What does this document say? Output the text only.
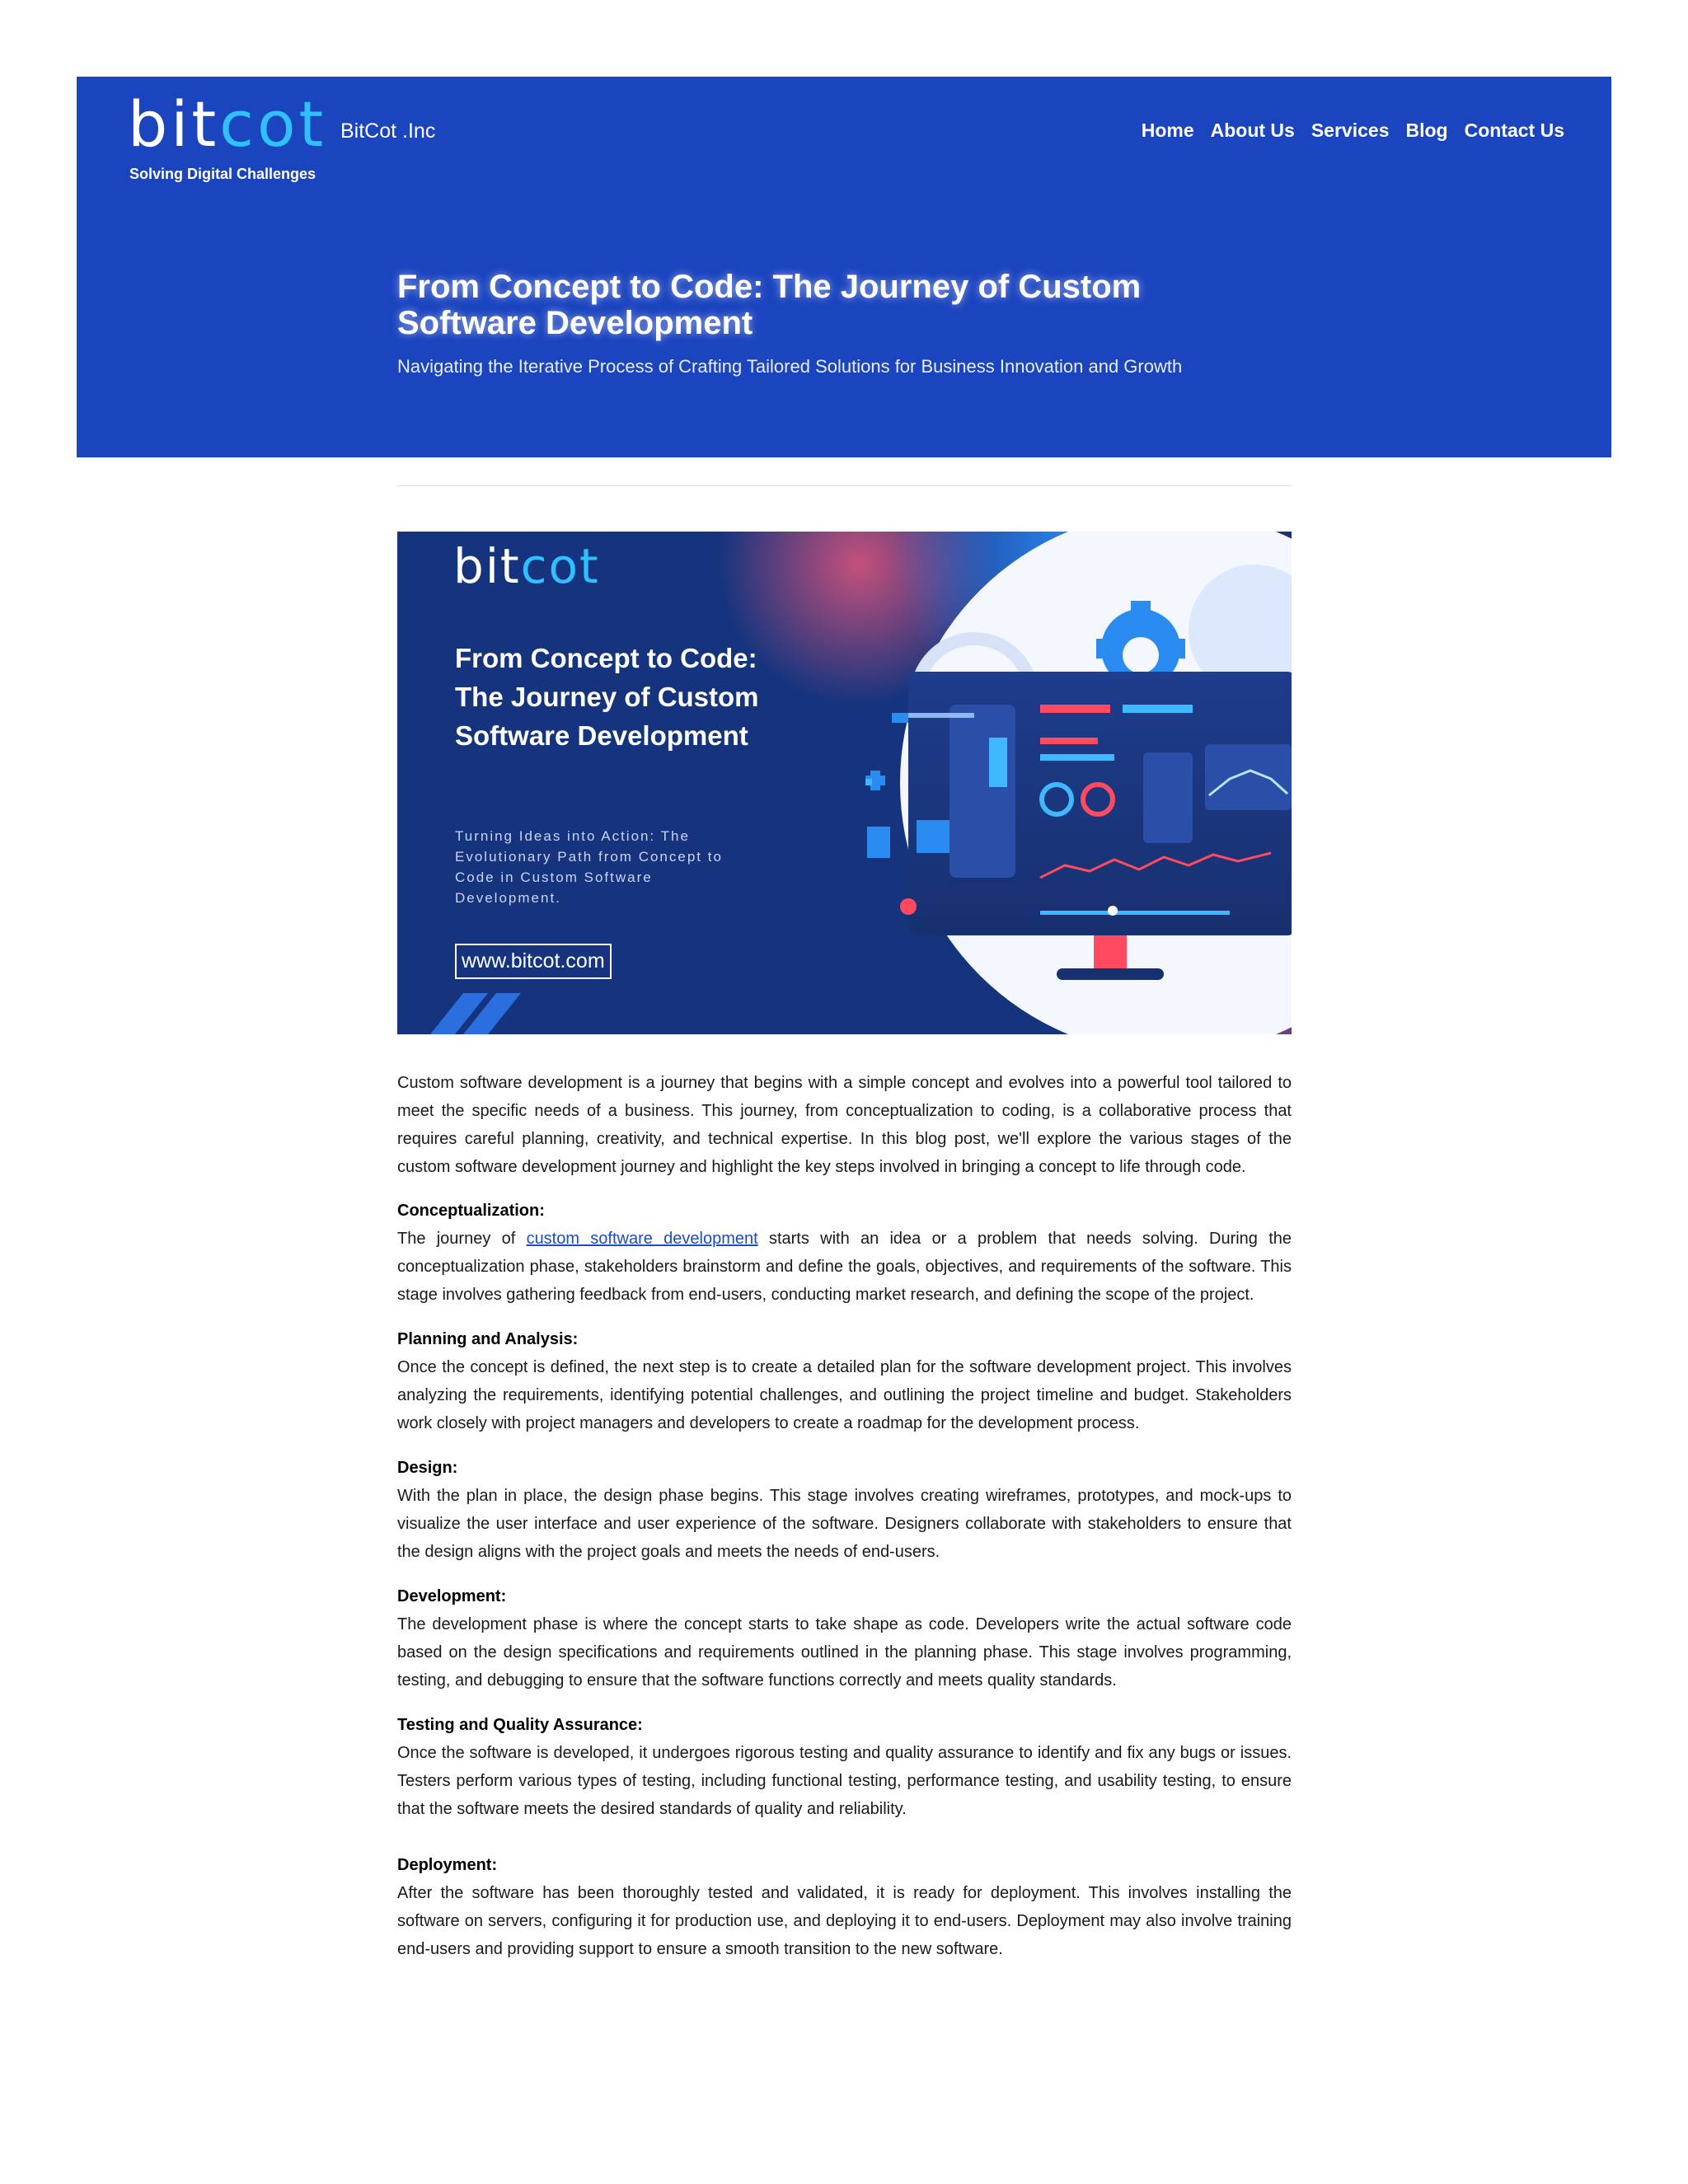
bitcot
Solving Digital Challenges
BitCot .Inc	Home About Us Services Blog Contact Us
From Concept to Code: The Journey of Custom Software Development
Navigating the Iterative Process of Crafting Tailored Solutions for Business Innovation and Growth
bitcot
From Concept to Code: The Journey of Custom Software Development
Turning Ideas into Action: The Evolutionary Path from Concept to Code in Custom Software Development.
www.bitcot.com

Custom software development is a journey that begins with a simple concept and evolves into a powerful tool tailored to meet the specific needs of a business. This journey, from conceptualization to coding, is a collaborative process that requires careful planning, creativity, and technical expertise. In this blog post, we'll explore the various stages of the custom software development journey and highlight the key steps involved in bringing a concept to life through code.

Conceptualization:

The journey of custom software development starts with an idea or a problem that needs solving. During the conceptualization phase, stakeholders brainstorm and define the goals, objectives, and requirements of the software. This stage involves gathering feedback from end-users, conducting market research, and defining the scope of the project.

Planning and Analysis:

Once the concept is defined, the next step is to create a detailed plan for the software development project. This involves analyzing the requirements, identifying potential challenges, and outlining the project timeline and budget. Stakeholders work closely with project managers and developers to create a roadmap for the development process.

Design:

With the plan in place, the design phase begins. This stage involves creating wireframes, prototypes, and mock-ups to visualize the user interface and user experience of the software. Designers collaborate with stakeholders to ensure that the design aligns with the project goals and meets the needs of end-users.

Development:

The development phase is where the concept starts to take shape as code. Developers write the actual software code based on the design specifications and requirements outlined in the planning phase. This stage involves programming, testing, and debugging to ensure that the software functions correctly and meets quality standards.

Testing and Quality Assurance:

Once the software is developed, it undergoes rigorous testing and quality assurance to identify and fix any bugs or issues. Testers perform various types of testing, including functional testing, performance testing, and usability testing, to ensure that the software meets the desired standards of quality and reliability.

Deployment:

After the software has been thoroughly tested and validated, it is ready for deployment. This involves installing the software on servers, configuring it for production use, and deploying it to end-users. Deployment may also involve training end-users and providing support to ensure a smooth transition to the new software.
